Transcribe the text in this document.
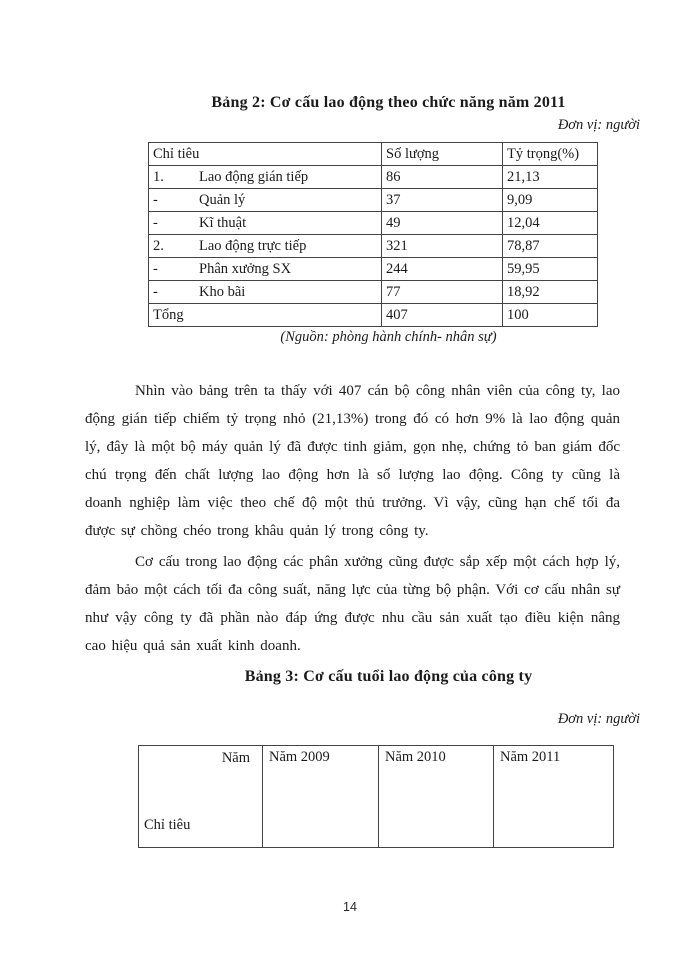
Bảng 2: Cơ cấu lao động theo chức năng năm 2011
Đơn vị: người
Chỉ tiêu	Số lượng	Tỷ trọng(%)
1. Lao động gián tiếp	86	21,13
- Quản lý	37	9,09
- Kĩ thuật	49	12,04
2. Lao động trực tiếp	321	78,87
- Phân xưởng SX	244	59,95
- Kho bãi	77	18,92
Tổng	407	100
(Nguồn: phòng hành chính- nhân sự)

Nhìn vào bảng trên ta thấy với 407 cán bộ công nhân viên của công ty, lao động gián tiếp chiếm tỷ trọng nhỏ (21,13%) trong đó có hơn 9% là lao động quản lý, đây là một bộ máy quản lý đã được tinh giảm, gọn nhẹ, chứng tỏ ban giám đốc chú trọng đến chất lượng lao động hơn là số lượng lao động. Công ty cũng là doanh nghiệp làm việc theo chế độ một thủ trưởng. Vì vậy, cũng hạn chế tối đa được sự chồng chéo trong khâu quản lý trong công ty.

Cơ cấu trong lao động các phân xưởng cũng được sắp xếp một cách hợp lý, đảm bảo một cách tối đa công suất, năng lực của từng bộ phận. Với cơ cấu nhân sự như vậy công ty đã phần nào đáp ứng được nhu cầu sản xuất tạo điều kiện nâng cao hiệu quả sản xuất kinh doanh.

Bảng 3: Cơ cấu tuổi lao động của công ty
Đơn vị: người
Năm
Chỉ tiêu
	Năm 2009	Năm 2010	Năm 2011
14
